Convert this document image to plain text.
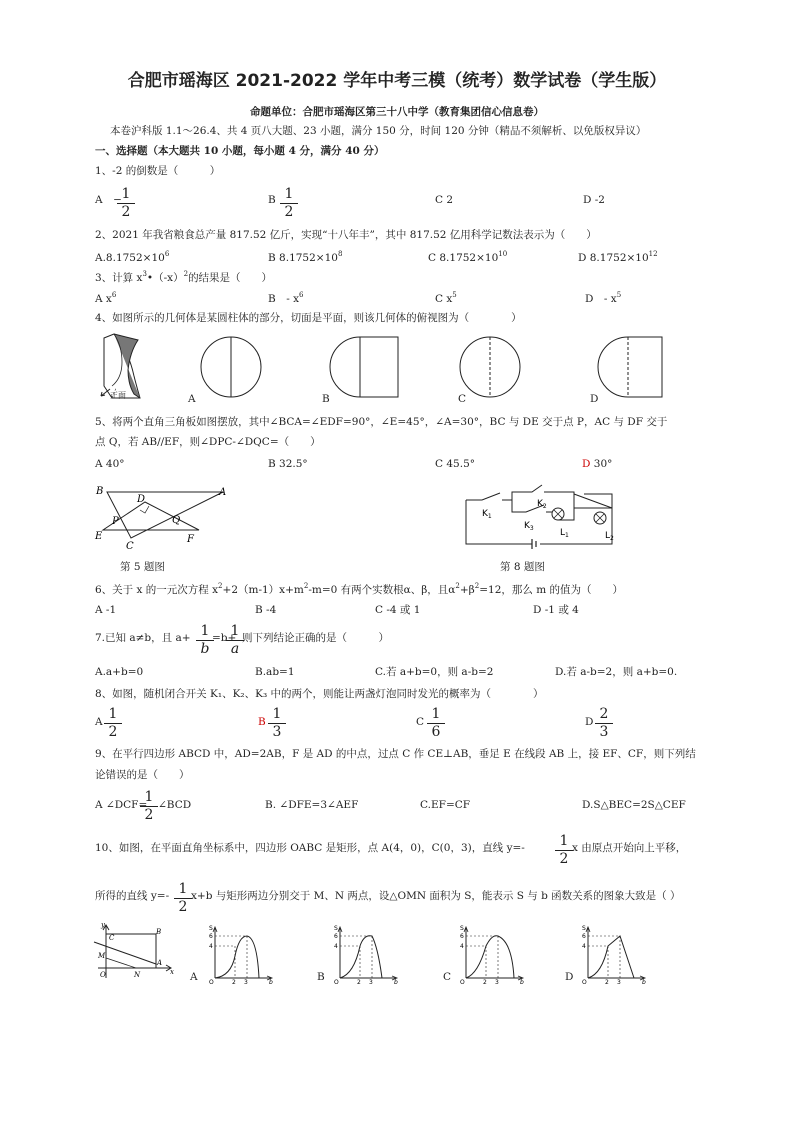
合肥市瑶海区 2021-2022 学年中考三模（统考）数学试卷（学生版）
命题单位：合肥市瑶海区第三十八中学（教育集团信心信息卷）
本卷沪科版 1.1～26.4、共 4 页八大题、23 小题，满分 150 分，时间 120 分钟（精品不须解析、以免版权异议）
一、选择题（本大题共 10 小题，每小题 4 分，满分 40 分）
1、-2 的倒数是（　　　）
A　−
$\frac{1}{2}$	B $\frac{1}{2}$	C 2	D -2
2、2021 年我省粮食总产量 817.52 亿斤，实现“十八年丰”，其中 817.52 亿用科学记数法表示为（　　）
$A.8.1752\times 10^6$	B $8.1752\times 10^8$	C $8.1752\times 10^{10}$	D $8.1752\times 10^{12}$
3、计算 $x^3•(-x)^2$的结果是（　　）
A $x^6$	B　- $x^6$	C $x^5$	D　- $x^5$
4、如图所示的几何体是某圆柱体的部分，切面是平面，则该几何体的俯视图为（　　　　）
正面	A	B	C	D
5、将两个直角三角板如图摆放，其中∠BCA=∠EDF=90°，∠E=45°，∠A=30°，BC 与 DE 交于点 P，AC 与 DF 交于
点 Q，若 AB//EF，则∠DPC-∠DQC=（　　）
A 40°	B 32.5°	C 45.5°	D 30°
B	A
D
P	Q
E
C
F
第 5 题图
$K_1$
$K_2$
$K_3$	$L_1$	$L_2$
第 8 题图
6、关于 x 的一元次方程 $x^2+2(m-1)x+m^2-m=0$ 有两个实数根α、β，且$\alpha^2+\beta^2=12$，那么 m 的值为（　　）
A -1	B -4	C -4 或 1	D -1 或 4
7.已知 a≠b，且 $a+ \frac{1}{b}$
=b+
$\frac{1}{a}$
则下列结论正确的是（　　　）
A.a+b=0	B.ab=1	C.若 a+b=0，则 a-b=2	D.若 a-b=2，则 a+b=0.
8、如图，随机闭合开关 K₁、K₂、K₃ 中的两个，则能让两盏灯泡同时发光的概率为（　　　　）
A $\frac{1}{2}$	B $\frac{1}{3}$	C $\frac{1}{6}$	D $\frac{2}{3}$
9、在平行四边形 ABCD 中，AD=2AB，F 是 AD 的中点，过点 C 作 CE⊥AB，垂足 E 在线段 AB 上，接 EF、CF，则下列结
论错误的是（　　）
A ∠DCF=
$\frac{1}{2}$ ∠BCD	B. ∠DFE=3∠AEF	C.EF=CF	D.S△BEC=2S△CEF
10、如图，在平面直角坐标系中，四边形 OABC 是矩形，点 A(4，0)，C(0，3)，直线 $y=- \frac{1}{2}$ x 由原点开始向上平移，
所得的直线 $y=- \frac{1}{2} x+b$ 与矩形两边分别交于 M、N 两点，设△OMN 面积为 S，能表示 S 与 b 函数关系的图象大致是（ ）
y
C
B
M
O	N
A
x A
S
6
4
O	2 3	b	B
S
6
4
O	2 3	b	C
S
6
4
O	2 3	b	D
S
6
4
O	2 3	b
